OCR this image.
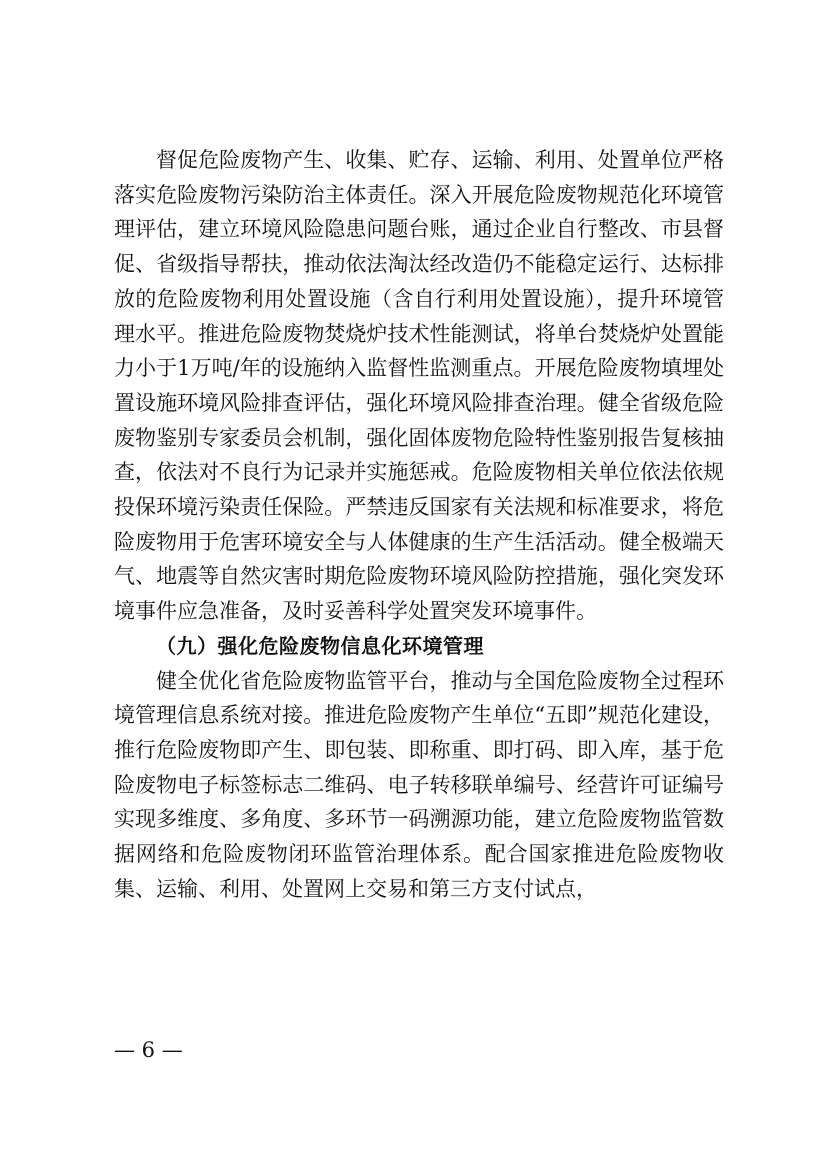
督促危险废物产生、收集、贮存、运输、利用、处置单位严格落实危险废物污染防治主体责任。深入开展危险废物规范化环境管理评估，建立环境风险隐患问题台账，通过企业自行整改、市县督促、省级指导帮扶，推动依法淘汰经改造仍不能稳定运行、达标排放的危险废物利用处置设施（含自行利用处置设施），提升环境管理水平。推进危险废物焚烧炉技术性能测试，将单台焚烧炉处置能力小于1万吨/年的设施纳入监督性监测重点。开展危险废物填埋处置设施环境风险排查评估，强化环境风险排查治理。健全省级危险废物鉴别专家委员会机制，强化固体废物危险特性鉴别报告复核抽查，依法对不良行为记录并实施惩戒。危险废物相关单位依法依规投保环境污染责任保险。严禁违反国家有关法规和标准要求，将危险废物用于危害环境安全与人体健康的生产生活活动。健全极端天气、地震等自然灾害时期危险废物环境风险防控措施，强化突发环境事件应急准备，及时妥善科学处置突发环境事件。

（九）强化危险废物信息化环境管理

健全优化省危险废物监管平台，推动与全国危险废物全过程环境管理信息系统对接。推进危险废物产生单位“五即”规范化建设，推行危险废物即产生、即包装、即称重、即打码、即入库，基于危险废物电子标签标志二维码、电子转移联单编号、经营许可证编号实现多维度、多角度、多环节一码溯源功能，建立危险废物监管数据网络和危险废物闭环监管治理体系。配合国家推进危险废物收集、运输、利用、处置网上交易和第三方支付试点，

— 6 —
